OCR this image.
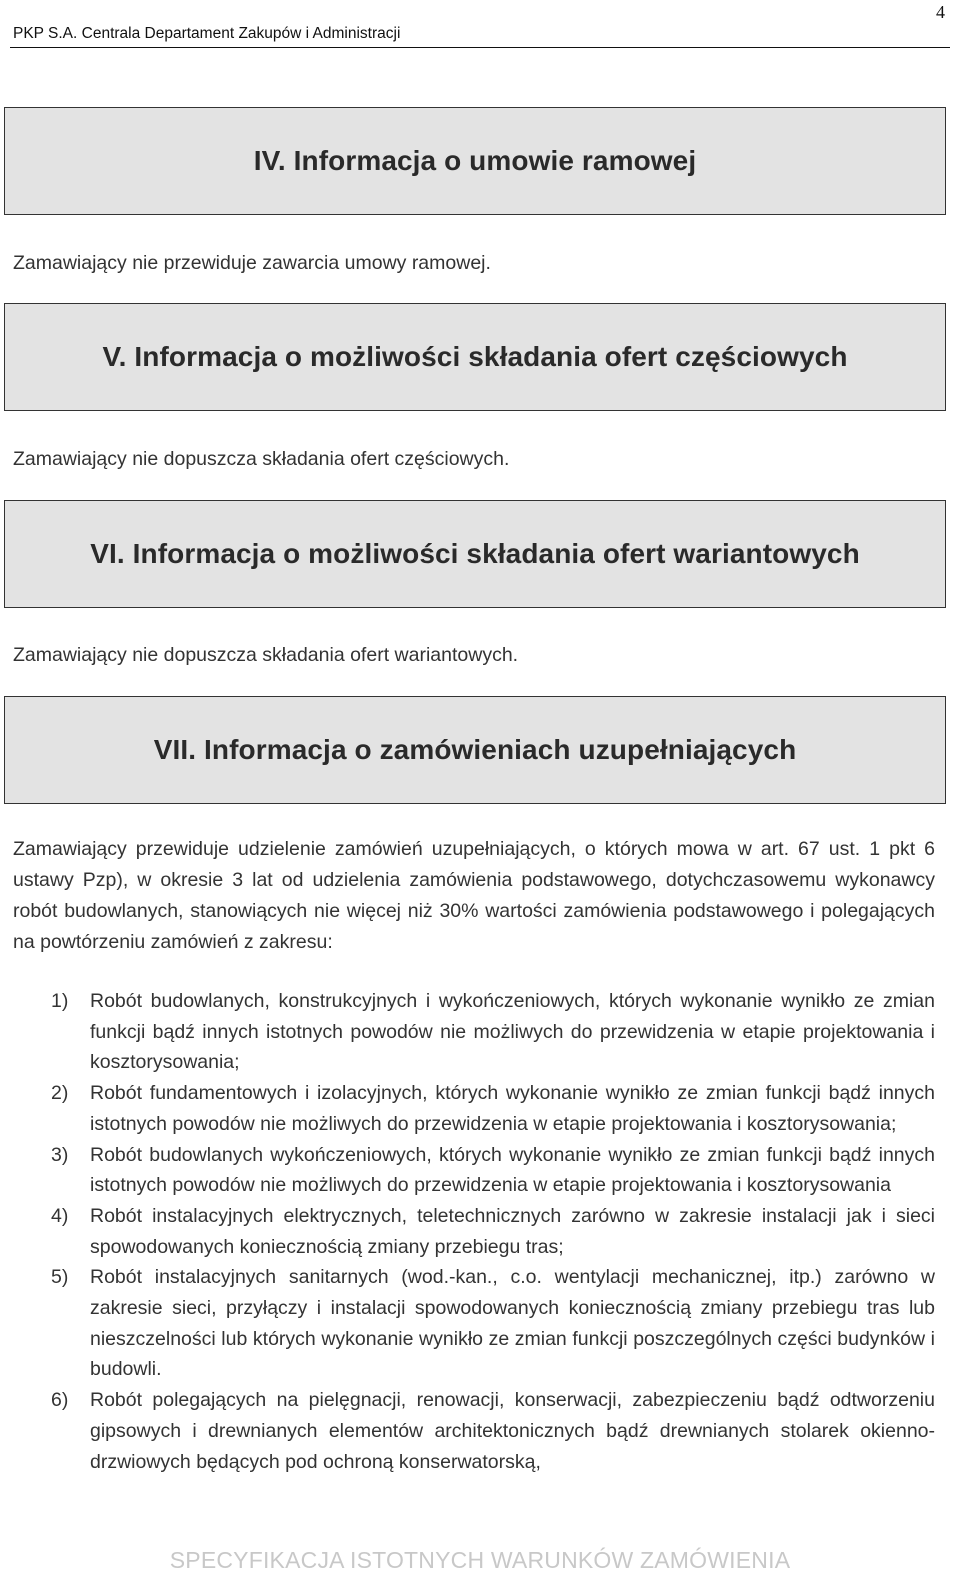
PKP S.A. Centrala Departament Zakupów i Administracji
4
IV. Informacja o umowie ramowej
Zamawiający nie przewiduje zawarcia umowy ramowej.
V. Informacja o możliwości składania ofert częściowych
Zamawiający nie dopuszcza składania ofert częściowych.
VI. Informacja o możliwości składania ofert wariantowych
Zamawiający nie dopuszcza składania ofert wariantowych.
VII. Informacja o zamówieniach uzupełniających

Zamawiający przewiduje udzielenie zamówień uzupełniających, o których mowa w art. 67 ust. 1 pkt 6 ustawy Pzp), w okresie 3 lat od udzielenia zamówienia podstawowego, dotychczasowemu wykonawcy robót budowlanych, stanowiących nie więcej niż 30% wartości zamówienia podstawowego i polegających na powtórzeniu zamówień z zakresu:

1) Robót budowlanych, konstrukcyjnych i wykończeniowych, których wykonanie wynikło ze zmian funkcji bądź innych istotnych powodów nie możliwych do przewidzenia w etapie projektowania i kosztorysowania;
2) Robót fundamentowych i izolacyjnych, których wykonanie wynikło ze zmian funkcji bądź innych istotnych powodów nie możliwych do przewidzenia w etapie projektowania i kosztorysowania;
3) Robót budowlanych wykończeniowych, których wykonanie wynikło ze zmian funkcji bądź innych istotnych powodów nie możliwych do przewidzenia w etapie projektowania i kosztorysowania
4) Robót instalacyjnych elektrycznych, teletechnicznych zarówno w zakresie instalacji jak i sieci spowodowanych koniecznością zmiany przebiegu tras;
5) Robót instalacyjnych sanitarnych (wod.-kan., c.o. wentylacji mechanicznej, itp.) zarówno w zakresie sieci, przyłączy i instalacji spowodowanych koniecznością zmiany przebiegu tras lub nieszczelności lub których wykonanie wynikło ze zmian funkcji poszczególnych części budynków i budowli.
6) Robót polegających na pielęgnacji, renowacji, konserwacji, zabezpieczeniu bądź odtworzeniu gipsowych i drewnianych elementów architektonicznych bądź drewnianych stolarek okienno-drzwiowych będących pod ochroną konserwatorską,
SPECYFIKACJA ISTOTNYCH WARUNKÓW ZAMÓWIENIA
